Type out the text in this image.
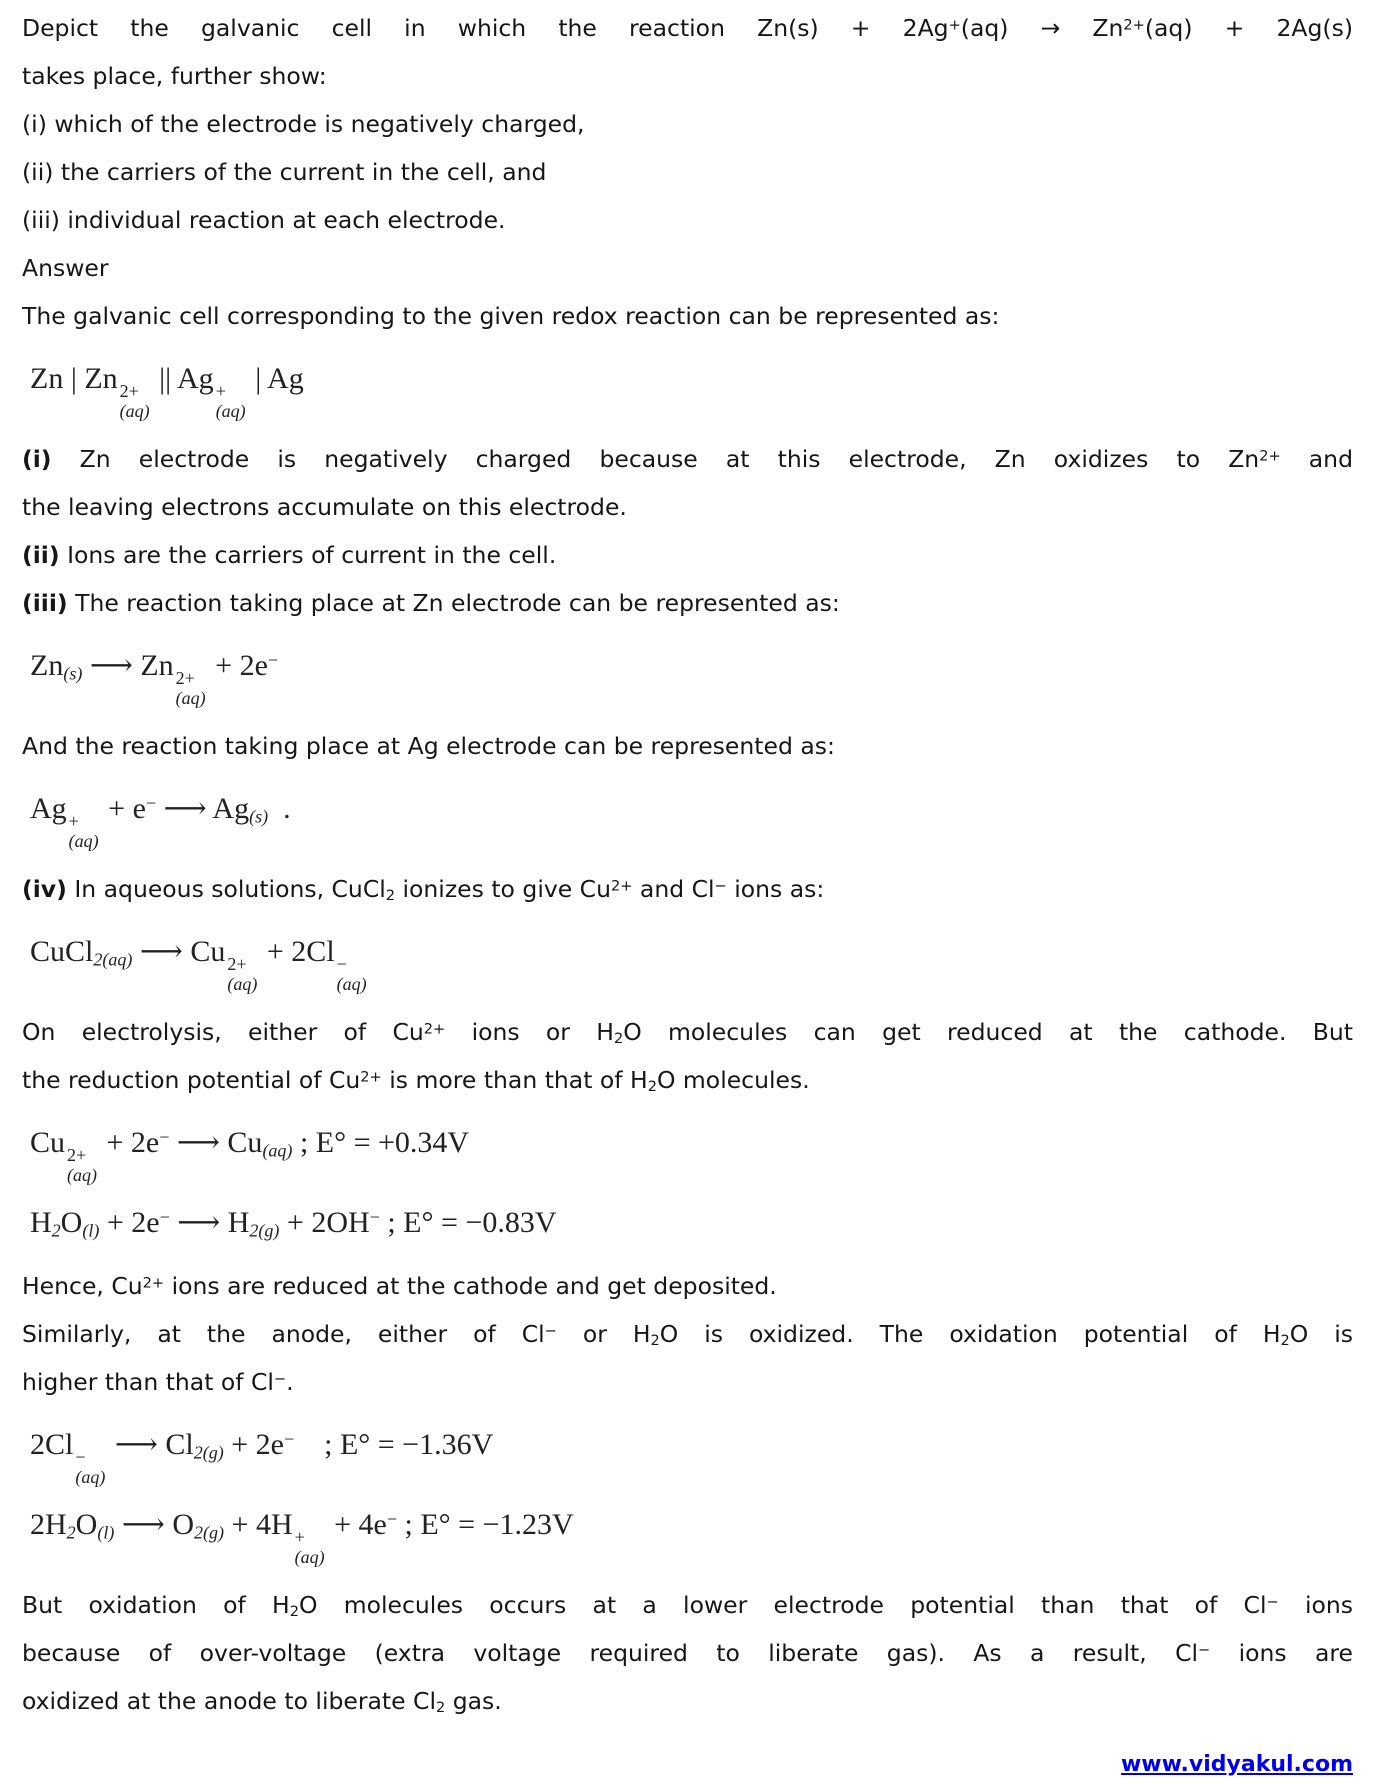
Depict the galvanic cell in which the reaction $Zn(s) + 2Ag^+(aq) \to Zn^{2+}(aq) + 2Ag(s)$
takes place, further show:
(i) which of the electrode is negatively charged,
(ii) the carriers of the current in the cell, and
(iii) individual reaction at each electrode.
Answer
The galvanic cell corresponding to the given redox reaction can be represented as:
Zn | Zn 2+
(aq)
|| Ag +
(aq)
| Ag
(i) Zn electrode is negatively charged because at this electrode, Zn oxidizes to $Zn^{2+}$ and
the leaving electrons accumulate on this electrode.
(ii) Ions are the carriers of current in the cell.
(iii) The reaction taking place at Zn electrode can be represented as:
$Zn_{(s)}$ ⟶ Zn 2+
(aq)
+ 2e−
And the reaction taking place at Ag electrode can be represented as:
Ag +
(aq)
+ e− ⟶ $Ag_{(s)}$  .
(iv) In aqueous solutions, CuCl$_2$ ionizes to give $Cu^{2+}$ and Cl− ions as:
CuCl$_{2(aq)}$ ⟶ Cu 2+
(aq)
+ 2Cl −
(aq)
On electrolysis, either of $Cu^{2+}$ ions or $H_2O$ molecules can get reduced at the cathode. But
the reduction potential of $Cu^{2+}$ is more than that of $H_2O$ molecules.
Cu 2+
(aq)
+ 2e− ⟶ $Cu_{(aq)}$ ; E° = +0.34V
$H_2O_{(l)} + 2e^-$ ⟶ $H_{2(g)} + 2OH^-$ ; E° = −0.83V
Hence, $Cu^{2+}$ ions are reduced at the cathode and get deposited.
Similarly, at the anode, either of Cl− or $H_2O$ is oxidized. The oxidation potential of $H_2O$ is
higher than that of Cl−.
2Cl −
(aq)
⟶ $Cl_{2(g)} + 2e^-$    ; E° = −1.36V
$2H_2O_{(l)}$ ⟶ $O_{2(g)} + 4H$ +
(aq)
+ 4e− ; E° = −1.23V
But oxidation of $H_2O$ molecules occurs at a lower electrode potential than that of Cl− ions
because of over-voltage (extra voltage required to liberate gas). As a result, Cl− ions are
oxidized at the anode to liberate $Cl_2$ gas.
www.vidyakul.com
